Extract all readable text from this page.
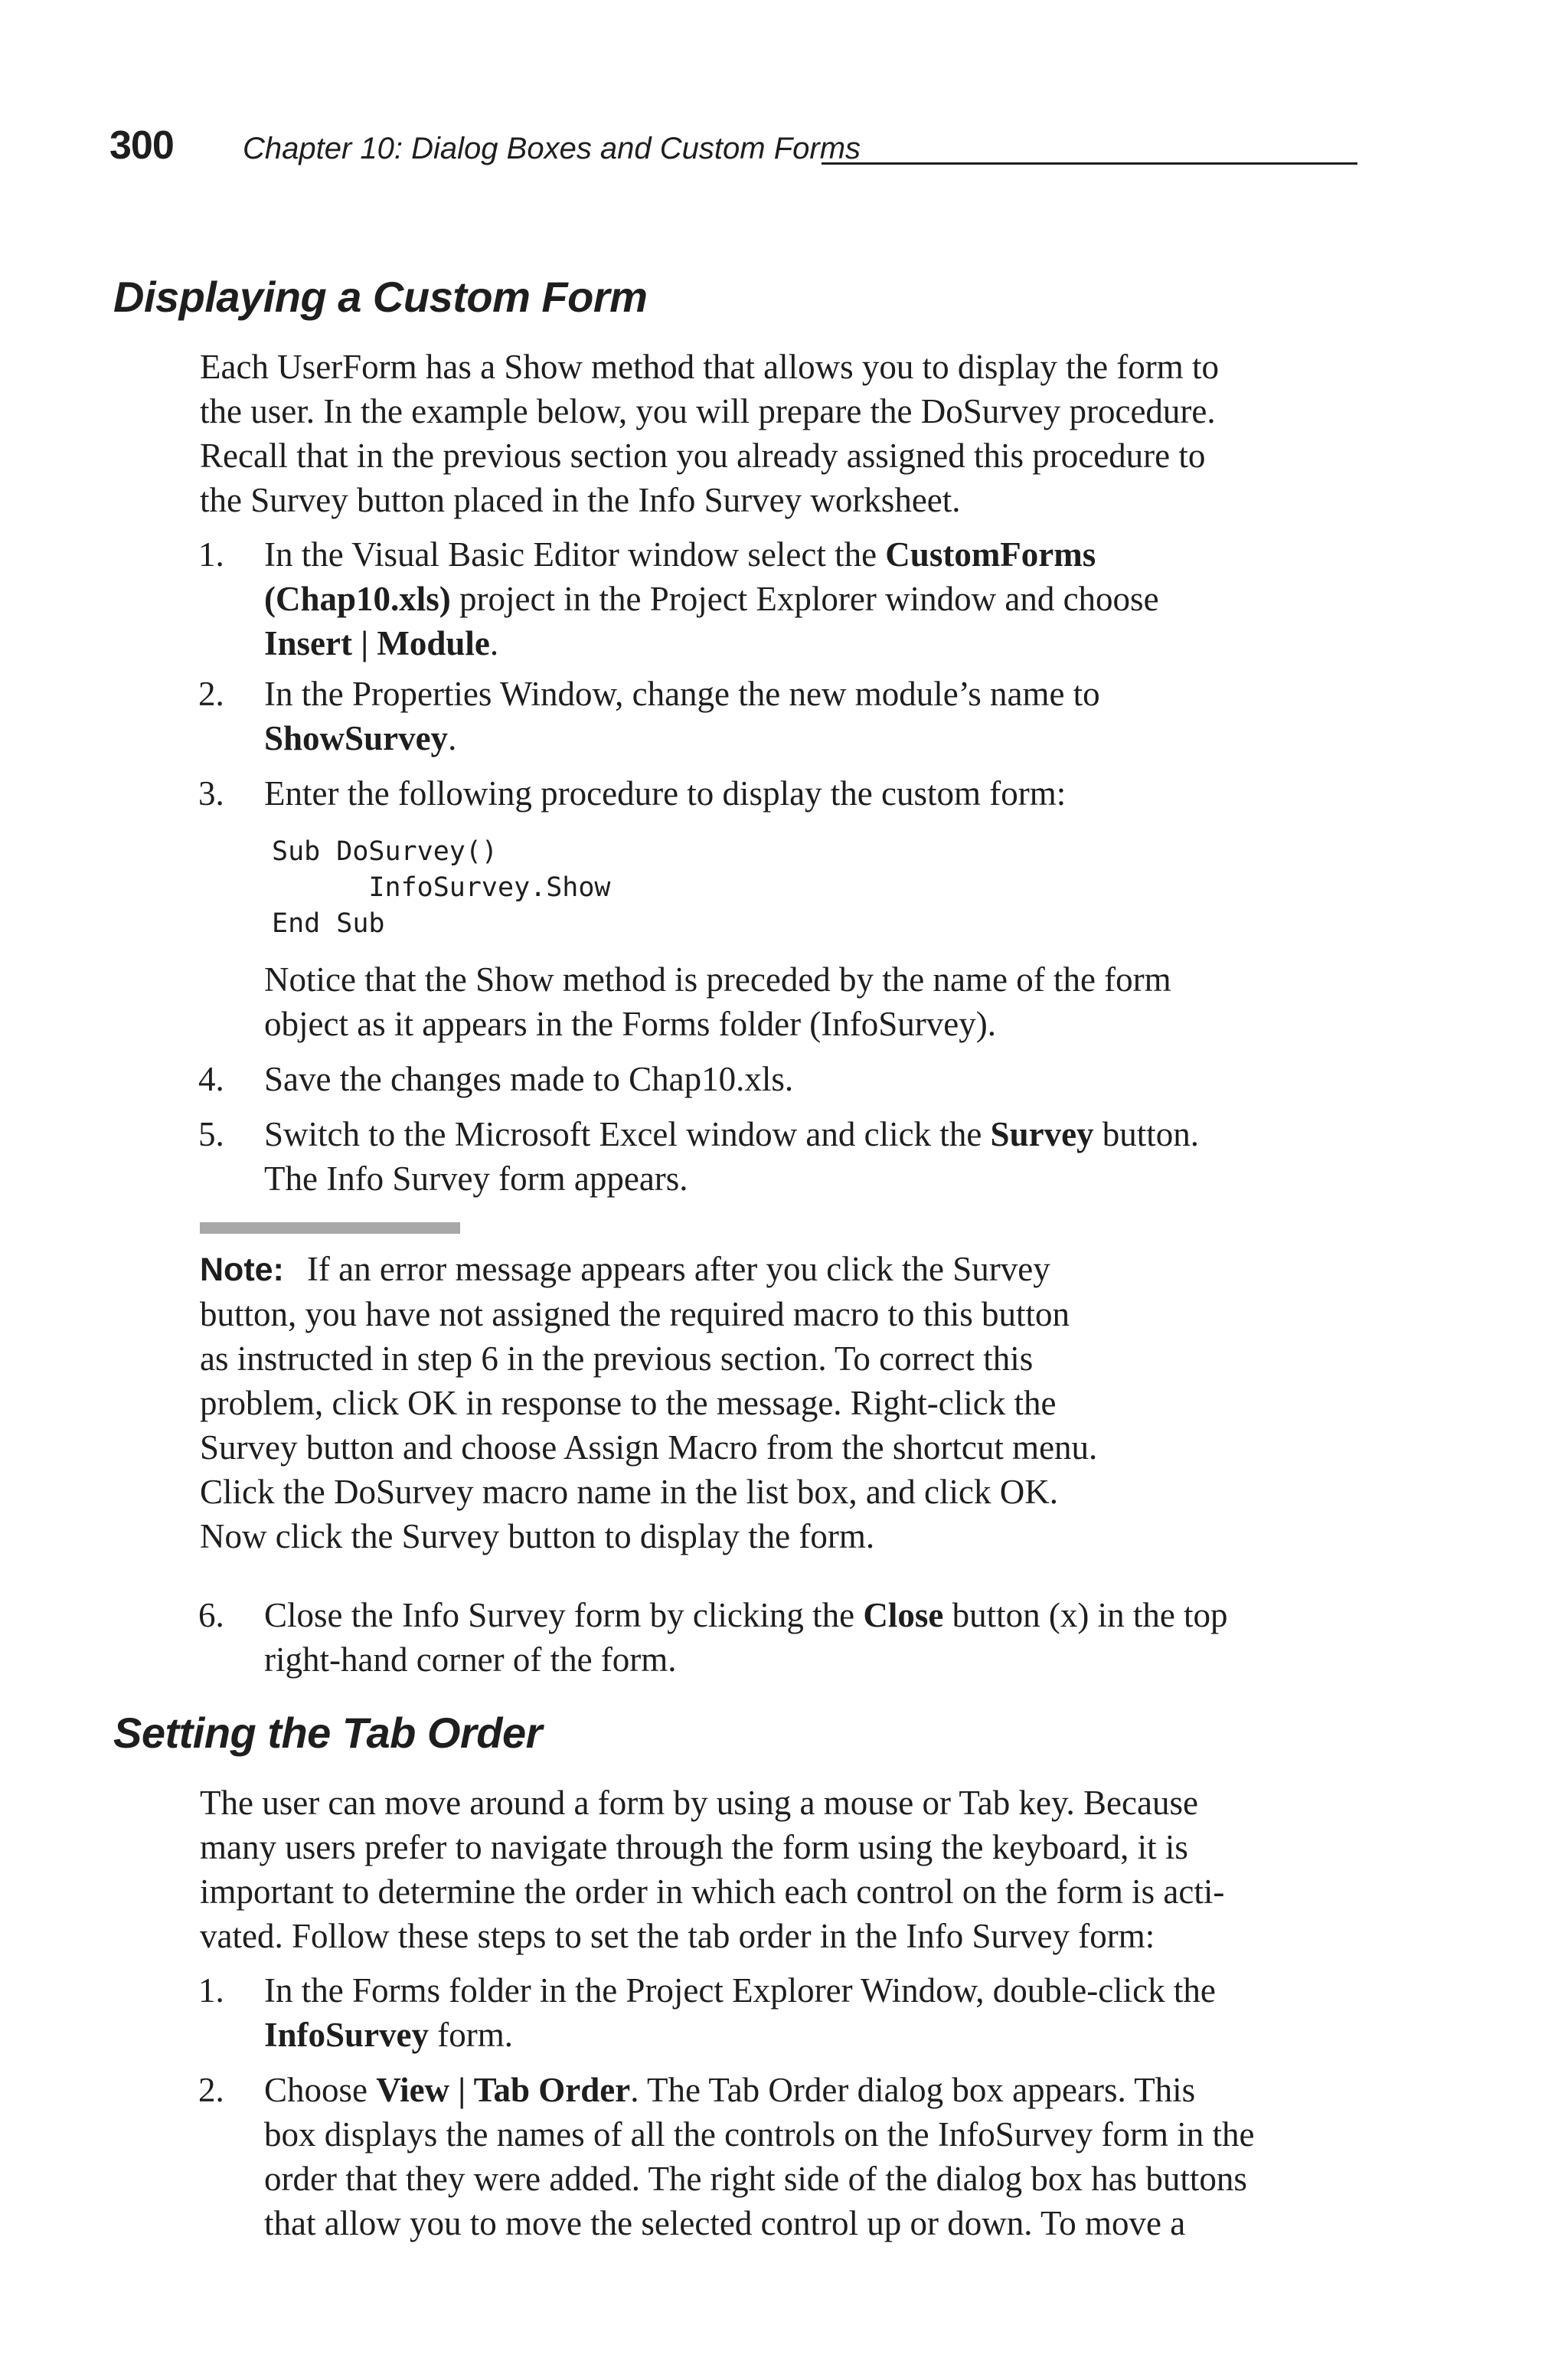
300 Chapter 10: Dialog Boxes and Custom Forms
Displaying a Custom Form

Each UserForm has a Show method that allows you to display the form to
the user. In the example below, you will prepare the DoSurvey procedure.
Recall that in the previous section you already assigned this procedure to
the Survey button placed in the Info Survey worksheet.

1. In the Visual Basic Editor window select the CustomForms
(Chap10.xls) project in the Project Explorer window and choose
Insert | Module.
2. In the Properties Window, change the new module’s name to
ShowSurvey.
3. Enter the following procedure to display the custom form:
Sub DoSurvey()
InfoSurvey.Show
End Sub

Notice that the Show method is preceded by the name of the form
object as it appears in the Forms folder (InfoSurvey).

4. Save the changes made to Chap10.xls.
5. Switch to the Microsoft Excel window and click the Survey button.
The Info Survey form appears.

Note: If an error message appears after you click the Survey
button, you have not assigned the required macro to this button
as instructed in step 6 in the previous section. To correct this
problem, click OK in response to the message. Right-click the
Survey button and choose Assign Macro from the shortcut menu.
Click the DoSurvey macro name in the list box, and click OK.
Now click the Survey button to display the form.

6. Close the Info Survey form by clicking the Close button (x) in the top
right-hand corner of the form.
Setting the Tab Order

The user can move around a form by using a mouse or Tab key. Because
many users prefer to navigate through the form using the keyboard, it is
important to determine the order in which each control on the form is acti-
vated. Follow these steps to set the tab order in the Info Survey form:

1. In the Forms folder in the Project Explorer Window, double-click the
InfoSurvey form.
2. Choose View | Tab Order. The Tab Order dialog box appears. This
box displays the names of all the controls on the InfoSurvey form in the
order that they were added. The right side of the dialog box has buttons
that allow you to move the selected control up or down. To move a
